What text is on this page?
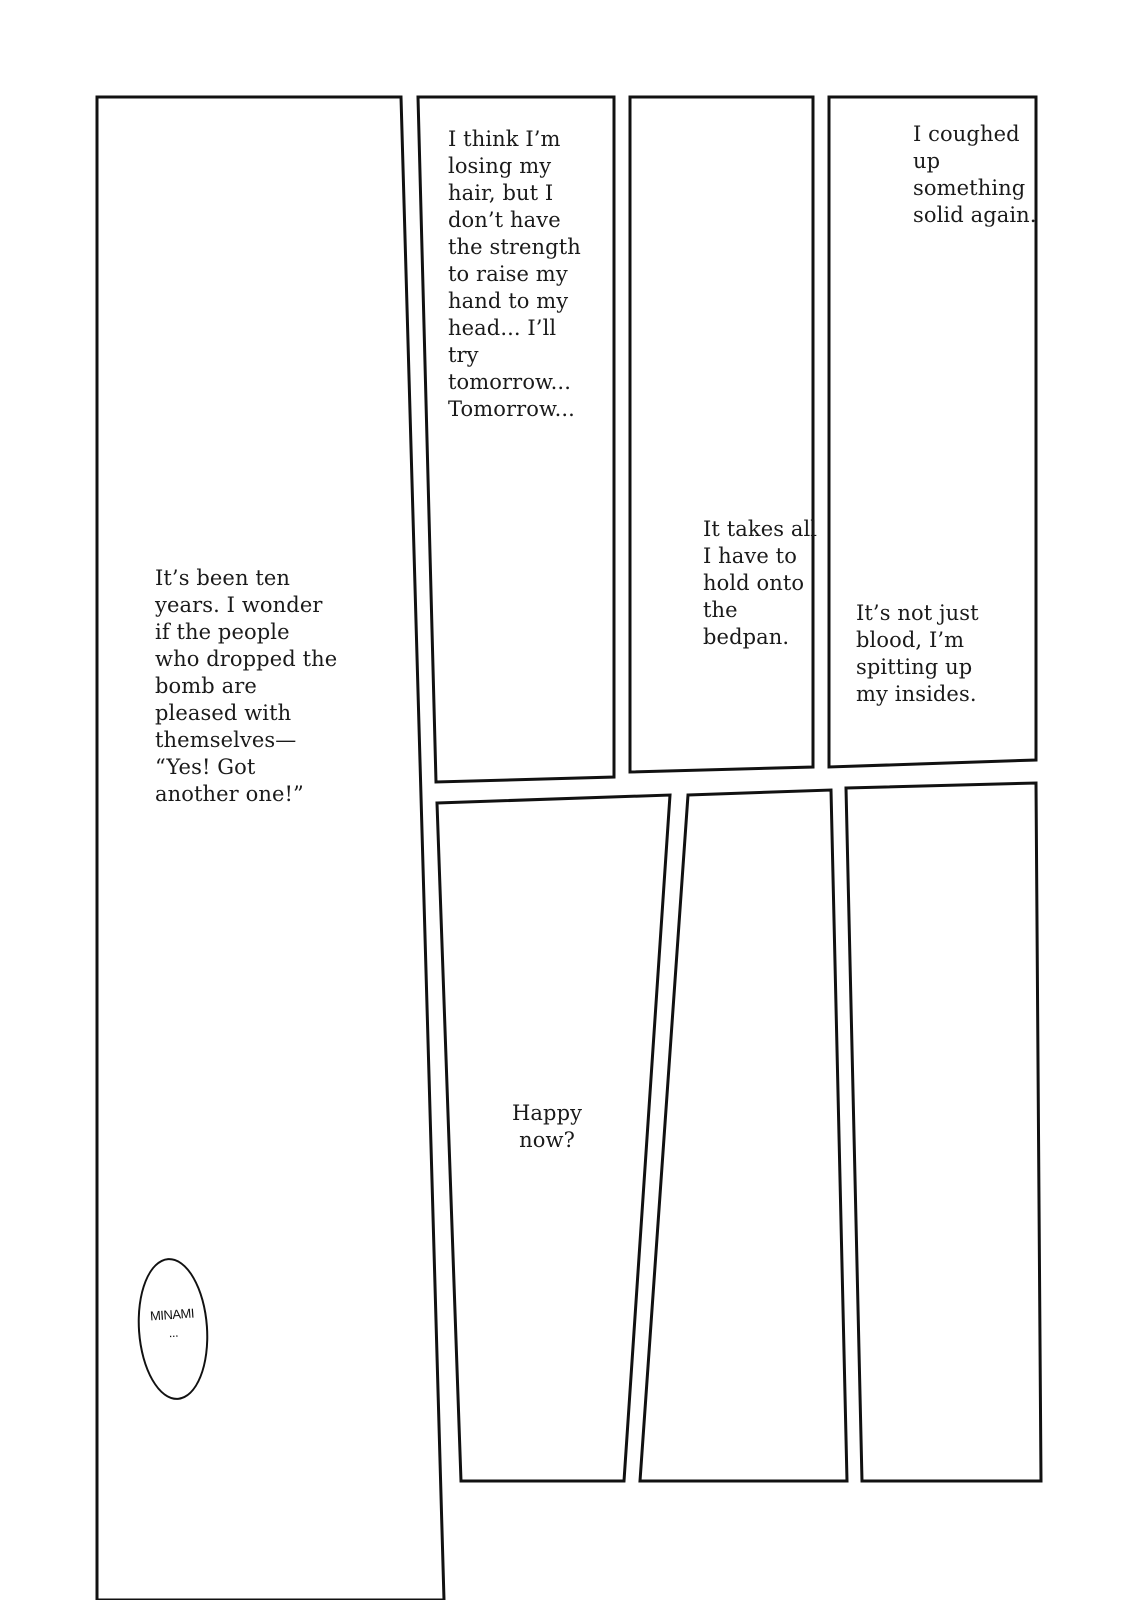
It’s been ten
years. I wonder
if the people
who dropped the
bomb are
pleased with
themselves—
“Yes! Got
another one!”
I think I’m
losing my
hair, but I
don’t have
the strength
to raise my
hand to my
head... I’ll
try
tomorrow...
Tomorrow...
It takes all
I have to
hold onto
the
bedpan.
I coughed
up
something
solid again.
It’s not just
blood, I’m
spitting up
my insides.
Happy
now?
MINAMI
...
